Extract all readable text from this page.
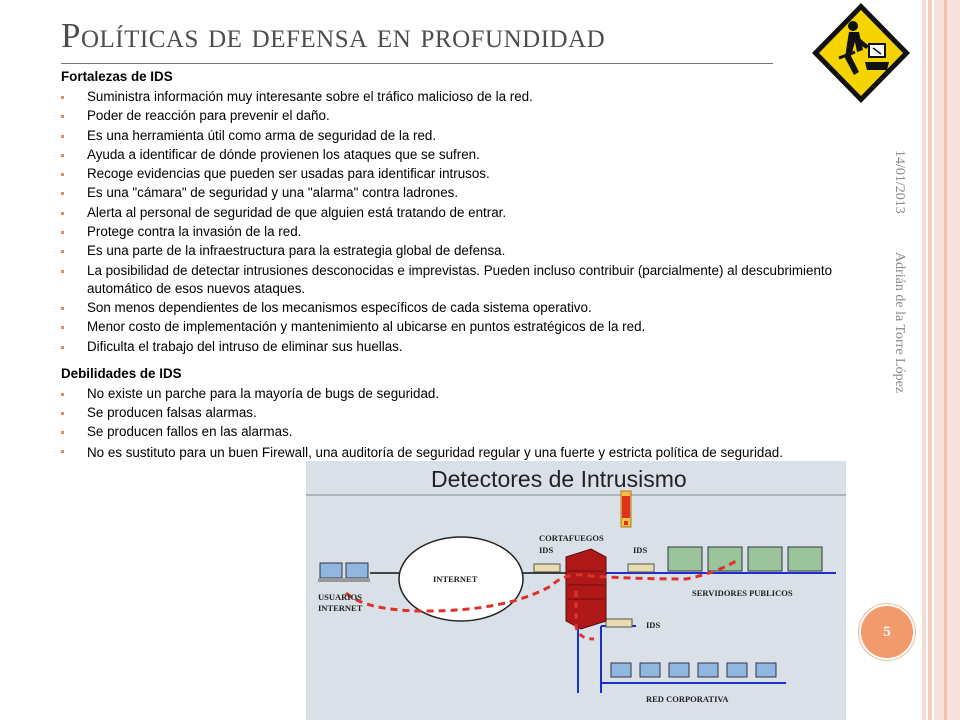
Políticas de defensa en profundidad
Fortalezas de IDS
Suministra información muy interesante sobre el tráfico malicioso de la red.
Poder de reacción para prevenir el daño.
Es una herramienta útil como arma de seguridad de la red.
Ayuda a identificar de dónde provienen los ataques que se sufren.
Recoge evidencias que pueden ser usadas para identificar intrusos.
Es una "cámara" de seguridad y una "alarma" contra ladrones.
Alerta al personal de seguridad de que alguien está tratando de entrar.
Protege contra la invasión de la red.
Es una parte de la infraestructura para la estrategia global de defensa.
La posibilidad de detectar intrusiones desconocidas e imprevistas. Pueden incluso contribuir (parcialmente) al descubrimiento automático de esos nuevos ataques.
Son menos dependientes de los mecanismos específicos de cada sistema operativo.
Menor costo de implementación y mantenimiento al ubicarse en puntos estratégicos de la red.
Dificulta el trabajo del intruso de eliminar sus huellas.
Debilidades de IDS
No existe un parche para la mayoría de bugs de seguridad.
Se producen falsas alarmas.
Se producen fallos en las alarmas.
No es sustituto para un buen Firewall, una auditoría de seguridad regular y una fuerte y estricta política de seguridad.
14/01/2013
Adrián de la Torre López
5
Detectores de Intrusismo
INTERNET
USUARIOS
INTERNET
CORTAFUEGOS
IDS	IDS
IDS
SERVIDORES PUBLICOS
RED CORPORATIVA
